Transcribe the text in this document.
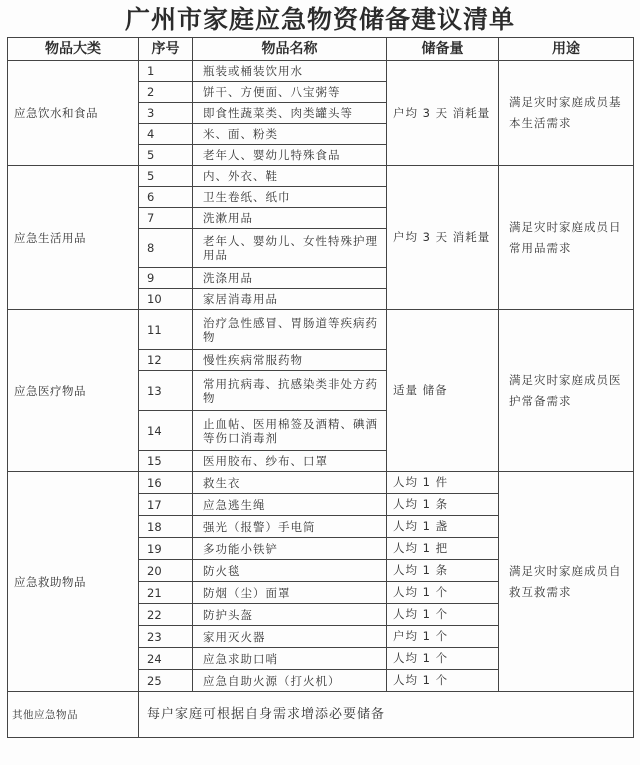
广州市家庭应急物资储备建议清单
物品大类	序号	物品名称	储备量	用途
应急饮水和食品	1	瓶装或桶装饮用水	户均 3 天 消耗量	满足灾时家庭成员基本生活需求
	2	饼干、方便面、八宝粥等		
	3	即食性蔬菜类、肉类罐头等		
	4	米、面、粉类		
	5	老年人、婴幼儿特殊食品		
应急生活用品	5	内、外衣、鞋	户均 3 天 消耗量	满足灾时家庭成员日常用品需求
	6	卫生卷纸、纸巾		
	7	洗漱用品		
	8	老年人、婴幼儿、女性特殊护理用品		
	9	洗涤用品		
	10	家居消毒用品		
应急医疗物品	11	治疗急性感冒、胃肠道等疾病药物	适量 储备	满足灾时家庭成员医护常备需求
	12	慢性疾病常服药物		
	13	常用抗病毒、抗感染类非处方药物		
	14	止血帖、医用棉签及酒精、碘酒等伤口消毒剂		
	15	医用胶布、纱布、口罩		
应急救助物品	16	救生衣	人均 1 件	满足灾时家庭成员自救互救需求
	17	应急逃生绳	人均 1 条	
	18	强光（报警）手电筒	人均 1 盏	
	19	多功能小铁铲	人均 1 把	
	20	防火毯	人均 1 条	
	21	防烟（尘）面罩	人均 1 个	
	22	防护头盔	人均 1 个	
	23	家用灭火器	户均 1 个	
	24	应急求助口哨	人均 1 个	
	25	应急自助火源（打火机）	人均 1 个	
其他应急物品	每户家庭可根据自身需求增添必要储备			
